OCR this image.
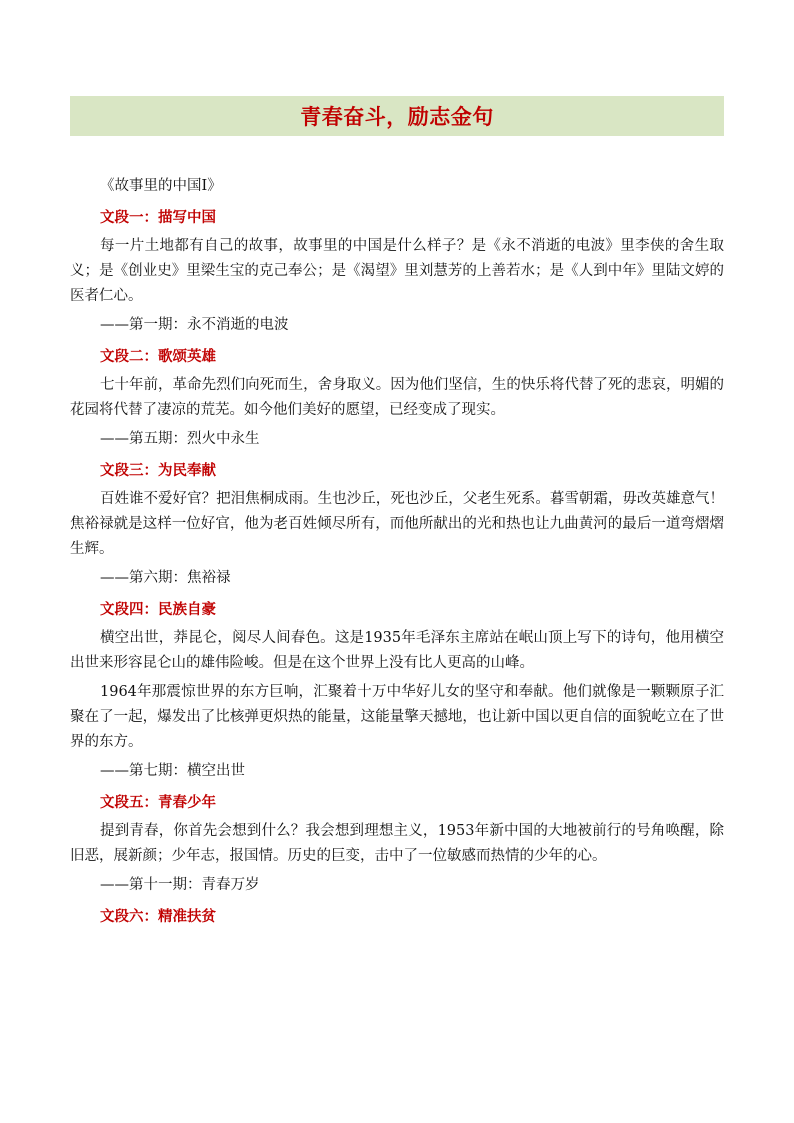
青春奋斗，励志金句

《故事里的中国Ⅰ》

文段一：描写中国

每一片土地都有自己的故事，故事里的中国是什么样子？是《永不消逝的电波》里李侠的舍生取义；是《创业史》里梁生宝的克己奉公；是《渴望》里刘慧芳的上善若水；是《人到中年》里陆文婷的医者仁心。

——第一期：永不消逝的电波

文段二：歌颂英雄

七十年前，革命先烈们向死而生，舍身取义。因为他们坚信，生的快乐将代替了死的悲哀，明媚的花园将代替了凄凉的荒芜。如今他们美好的愿望，已经变成了现实。

——第五期：烈火中永生

文段三：为民奉献

百姓谁不爱好官？把泪焦桐成雨。生也沙丘，死也沙丘，父老生死系。暮雪朝霜，毋改英雄意气！焦裕禄就是这样一位好官，他为老百姓倾尽所有，而他所献出的光和热也让九曲黄河的最后一道弯熠熠生辉。

——第六期：焦裕禄

文段四：民族自豪

横空出世，莽昆仑，阅尽人间春色。这是1935年毛泽东主席站在岷山顶上写下的诗句，他用横空出世来形容昆仑山的雄伟险峻。但是在这个世界上没有比人更高的山峰。

1964年那震惊世界的东方巨响，汇聚着十万中华好儿女的坚守和奉献。他们就像是一颗颗原子汇聚在了一起，爆发出了比核弹更炽热的能量，这能量擎天撼地，也让新中国以更自信的面貌屹立在了世界的东方。

——第七期：横空出世

文段五：青春少年

提到青春，你首先会想到什么？我会想到理想主义，1953年新中国的大地被前行的号角唤醒，除旧恶，展新颜；少年志，报国情。历史的巨变，击中了一位敏感而热情的少年的心。

——第十一期：青春万岁

文段六：精准扶贫
